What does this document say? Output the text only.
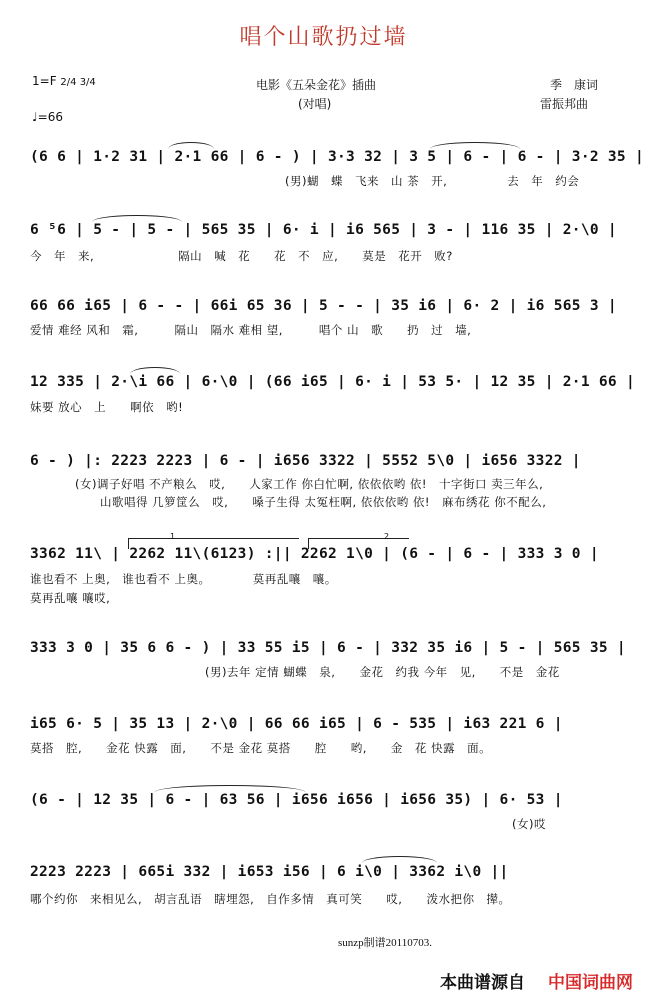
唱个山歌扔过墙
1=F 2/4 3/4
♩=66
电影《五朵金花》插曲
(对唱)
季　康词
雷振邦曲
(6 6 | 1·2 31 | 2·1 66 | 6 - ) | 3·3 32 | 3 5 | 6 - | 6 - | 3·2 35 |
(男)蝴　蝶　飞来　山 茶　开,　　　　　去　年　约会
6 ⁵6 | 5 - | 5 - | 565 35 | 6· i | i6 565 | 3 - | 116 35 | 2·\0 |
今　年　来,　　　　　　　隔山　喊　花　　花　不　应,　　莫是　花开　败?
66 66 i65 | 6 - - | 66i 65 36 | 5 - - | 35 i6 | 6· 2 | i6 565 3 |
爱情 难经 风和　霜,　　　隔山　隔水 难相 望,　　　唱个 山　歌　　扔　过　墙,
12 335 | 2·\i 66 | 6·\0 | (66 i65 | 6· i | 53 5· | 12 35 | 2·1 66 |
妹要 放心　上　　啊依　哟!
6 - ) |: 2223 2223 | 6 - | i656 3322 | 5552 5\0 | i656 3322 |
(女)调子好唱 不产粮么　哎,　　人家工作 你白忙啊, 依依依哟 依!　十字街口 卖三年么,
山歌唱得 几箩筐么　哎,　　嗓子生得 太冤枉啊, 依依依哟 依!　麻布绣花 你不配么,
1	2
3362 11\ | 2262 11\(6123) :|| 2262 1\0 | (6 - | 6 - | 333 3 0 |
谁也看不 上奥,　谁也看不 上奥。　　　　莫再乱嚷　嚷。
莫再乱嚷 嚷哎,
333 3 0 | 35 6 6 - ) | 33 55 i5 | 6 - | 332 35 i6 | 5 - | 565 35 |
(男)去年 定情 蝴蝶　泉,　　金花　约我 今年　见,　　不是　金花
i65 6· 5 | 35 13 | 2·\0 | 66 66 i65 | 6 - 535 | i63 221 6 |
莫搭　腔,　　金花 快露　面,　　不是 金花 莫搭　　腔　　哟,　　金　花 快露　面。
(6 - | 12 35 | 6 - | 63 56 | i656 i656 | i656 35) | 6· 53 |
(女)哎
2223 2223 | 665i 332 | i653 i56 | 6 i\0 | 3362 i\0 ||
哪个约你　来相见么,　胡言乱语　瞎埋怨,　自作多情　真可笑　　哎,　　泼水把你　撵。
sunzp制谱20110703.
本曲谱源自 中国词曲网
